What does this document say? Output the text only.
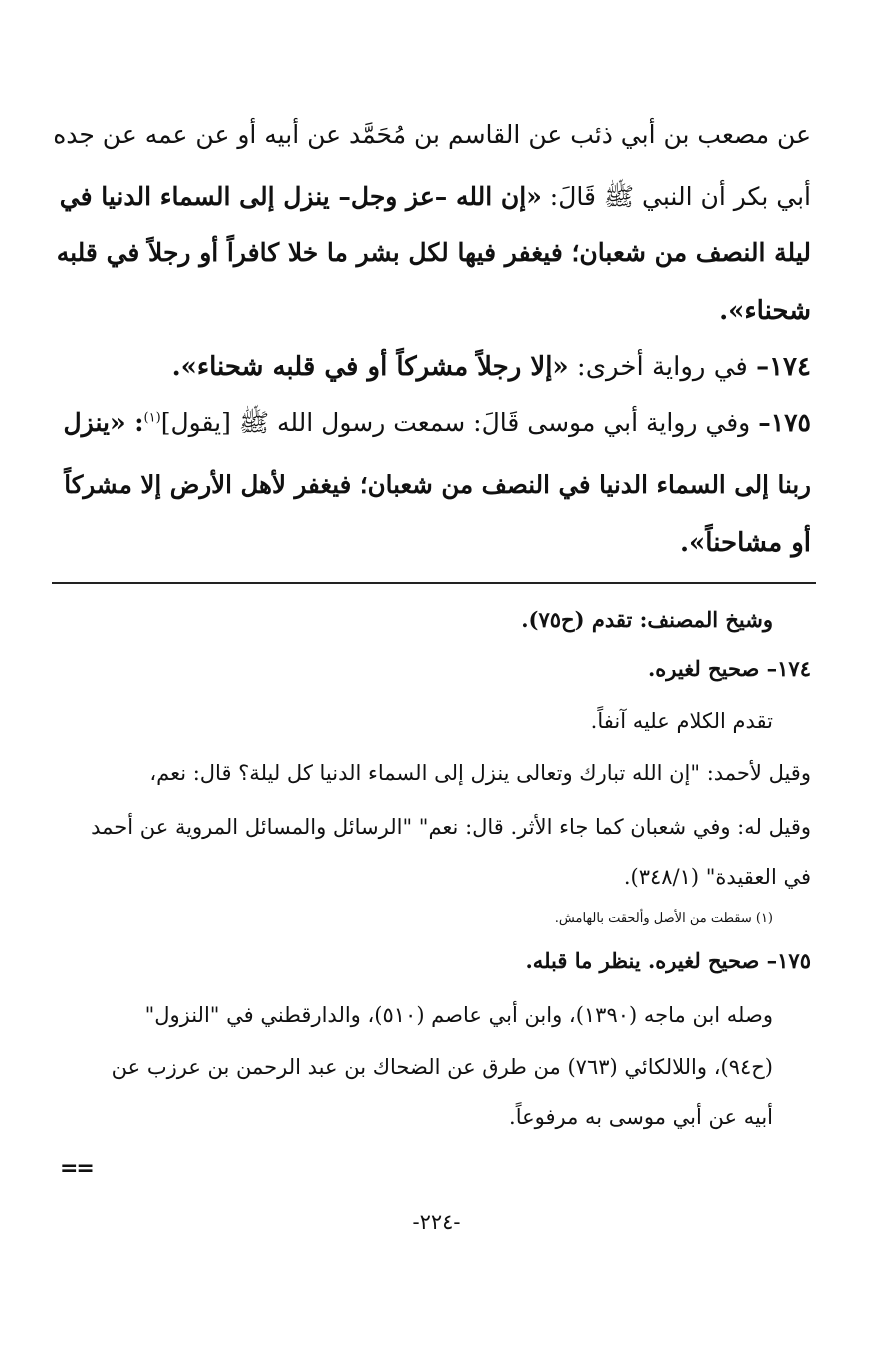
عن مصعب بن أبي ذئب عن القاسم بن مُحَمَّد عن أبيه أو عن عمه عن جده
أبي بكر أن النبي ﷺ قَالَ: «إن الله –عز وجل– ينزل إلى السماء الدنيا في
ليلة النصف من شعبان؛ فيغفر فيها لكل بشر ما خلا كافراً أو رجلاً في قلبه
شحناء».
١٧٤– في رواية أخرى: «إلا رجلاً مشركاً أو في قلبه شحناء».
١٧٥– وفي رواية أبي موسى قَالَ: سمعت رسول الله ﷺ [يقول]$^{(١)}$: «ينزل
ربنا إلى السماء الدنيا في النصف من شعبان؛ فيغفر لأهل الأرض إلا مشركاً
أو مشاحناً».
وشيخ المصنف: تقدم (ح٧٥).
١٧٤– صحيح لغيره.
تقدم الكلام عليه آنفاً.
وقيل لأحمد: "إن الله تبارك وتعالى ينزل إلى السماء الدنيا كل ليلة؟ قال: نعم،
وقيل له: وفي شعبان كما جاء الأثر. قال: نعم" "الرسائل والمسائل المروية عن أحمد
في العقيدة" (٣٤٨/١).
(١) سقطت من الأصل وألحقت بالهامش.
١٧٥– صحيح لغيره. ينظر ما قبله.
وصله ابن ماجه (١٣٩٠)، وابن أبي عاصم (٥١٠)، والدارقطني في "النزول"
(ح٩٤)، واللالكائي (٧٦٣) من طرق عن الضحاك بن عبد الرحمن بن عرزب عن
أبيه عن أبي موسى به مرفوعاً.
==
-٢٢٤-
